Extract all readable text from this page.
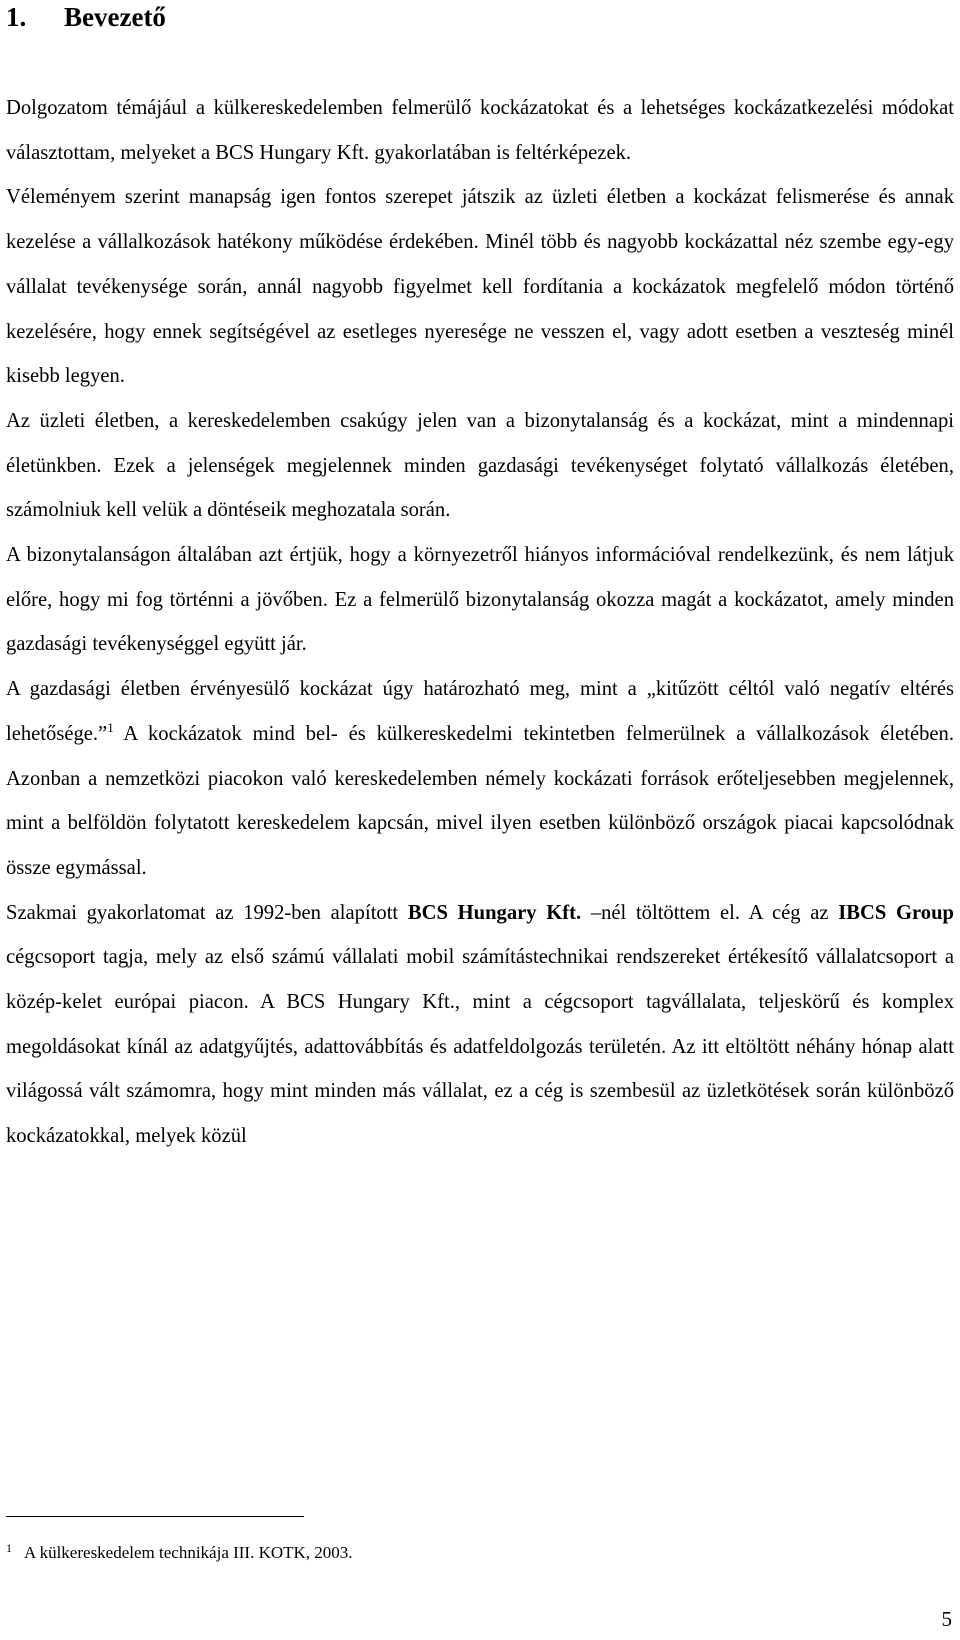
1. Bevezető

Dolgozatom témájául a külkereskedelemben felmerülő kockázatokat és a lehetséges kockázatkezelési módokat választottam, melyeket a BCS Hungary Kft. gyakorlatában is feltérképezek.

Véleményem szerint manapság igen fontos szerepet játszik az üzleti életben a kockázat felismerése és annak kezelése a vállalkozások hatékony működése érdekében. Minél több és nagyobb kockázattal néz szembe egy-egy vállalat tevékenysége során, annál nagyobb figyelmet kell fordítania a kockázatok megfelelő módon történő kezelésére, hogy ennek segítségével az esetleges nyeresége ne vesszen el, vagy adott esetben a veszteség minél kisebb legyen.

Az üzleti életben, a kereskedelemben csakúgy jelen van a bizonytalanság és a kockázat, mint a mindennapi életünkben. Ezek a jelenségek megjelennek minden gazdasági tevékenységet folytató vállalkozás életében, számolniuk kell velük a döntéseik meghozatala során.

A bizonytalanságon általában azt értjük, hogy a környezetről hiányos információval rendelkezünk, és nem látjuk előre, hogy mi fog történni a jövőben. Ez a felmerülő bizonytalanság okozza magát a kockázatot, amely minden gazdasági tevékenységgel együtt jár.

A gazdasági életben érvényesülő kockázat úgy határozható meg, mint a „kitűzött céltól való negatív eltérés lehetősége.”$^1$ A kockázatok mind bel- és külkereskedelmi tekintetben felmerülnek a vállalkozások életében. Azonban a nemzetközi piacokon való kereskedelemben némely kockázati források erőteljesebben megjelennek, mint a belföldön folytatott kereskedelem kapcsán, mivel ilyen esetben különböző országok piacai kapcsolódnak össze egymással.

Szakmai gyakorlatomat az 1992-ben alapított BCS Hungary Kft. –nél töltöttem el. A cég az IBCS Group cégcsoport tagja, mely az első számú vállalati mobil számítástechnikai rendszereket értékesítő vállalatcsoport a közép-kelet európai piacon. A BCS Hungary Kft., mint a cégcsoport tagvállalata, teljeskörű és komplex megoldásokat kínál az adatgyűjtés, adattovábbítás és adatfeldolgozás területén. Az itt eltöltött néhány hónap alatt világossá vált számomra, hogy mint minden más vállalat, ez a cég is szembesül az üzletkötések során különböző kockázatokkal, melyek közül

1 A külkereskedelem technikája III. KOTK, 2003.
5
